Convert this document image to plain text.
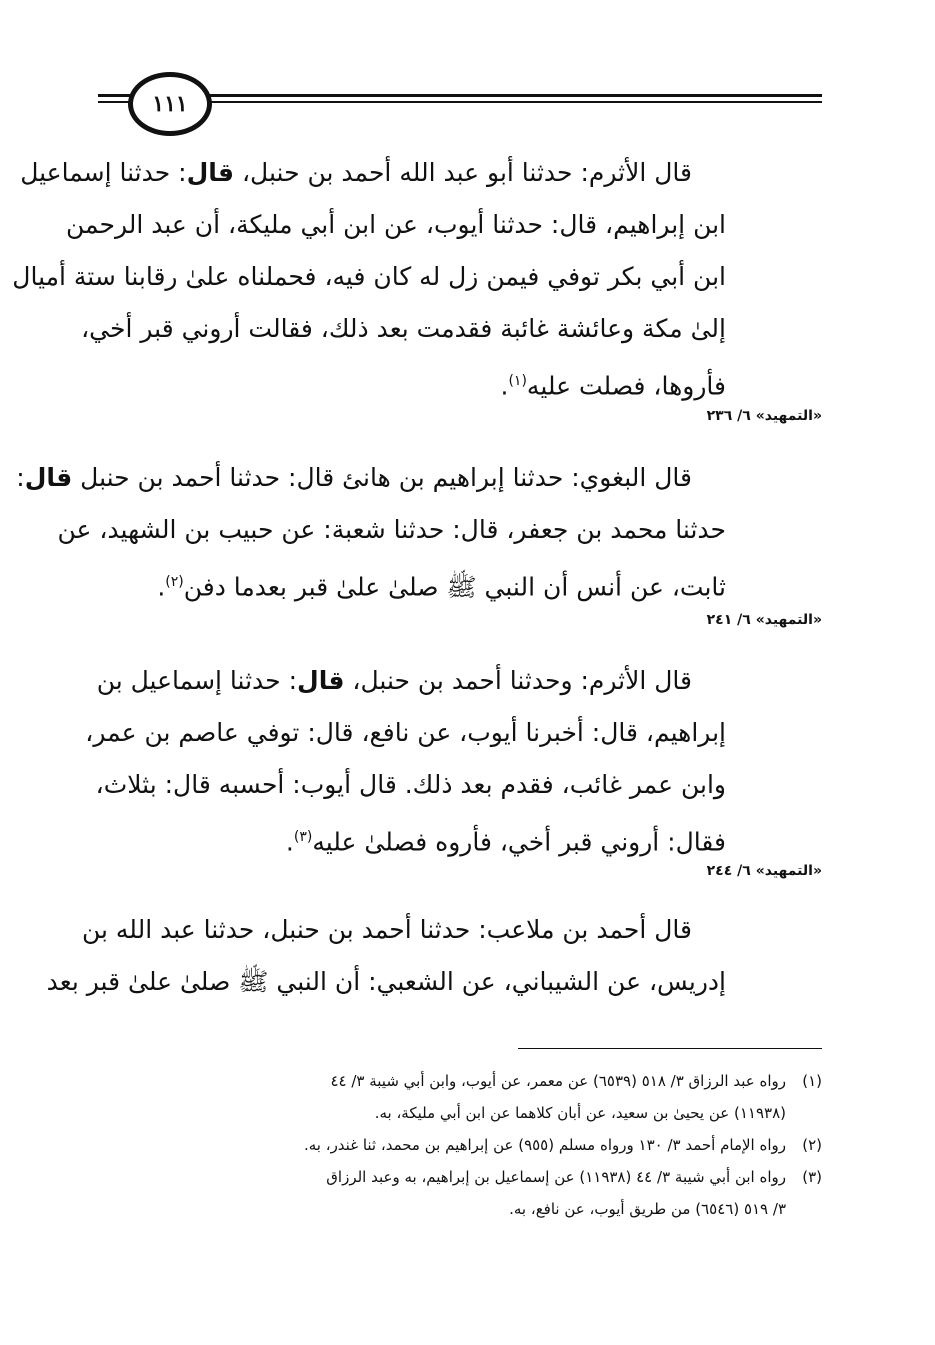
١١١

قال الأثرم: حدثنا أبو عبد الله أحمد بن حنبل، قال: حدثنا إسماعيل

ابن إبراهيم، قال: حدثنا أيوب، عن ابن أبي مليكة، أن عبد الرحمن

ابن أبي بكر توفي فيمن زل له كان فيه، فحملناه علىٰ رقابنا ستة أميال

إلىٰ مكة وعائشة غائبة فقدمت بعد ذلك، فقالت أروني قبر أخي،

فأروها، فصلت عليه$^{(١)}$.

«التمهيد» ٦/ ٢٣٦

قال البغوي: حدثنا إبراهيم بن هانئ قال: حدثنا أحمد بن حنبل قال:

حدثنا محمد بن جعفر، قال: حدثنا شعبة: عن حبيب بن الشهيد، عن

ثابت، عن أنس أن النبي ﷺ صلىٰ علىٰ قبر بعدما دفن$^{(٢)}$.

«التمهيد» ٦/ ٢٤١

قال الأثرم: وحدثنا أحمد بن حنبل، قال: حدثنا إسماعيل بن

إبراهيم، قال: أخبرنا أيوب، عن نافع، قال: توفي عاصم بن عمر،

وابن عمر غائب، فقدم بعد ذلك. قال أيوب: أحسبه قال: بثلاث،

فقال: أروني قبر أخي، فأروه فصلىٰ عليه$^{(٣)}$.

«التمهيد» ٦/ ٢٤٤

قال أحمد بن ملاعب: حدثنا أحمد بن حنبل، حدثنا عبد الله بن

إدريس، عن الشيباني، عن الشعبي: أن النبي ﷺ صلىٰ علىٰ قبر بعد

(١)
رواه عبد الرزاق ٣/ ٥١٨ (٦٥٣٩) عن معمر، عن أيوب، وابن أبي شيبة ٣/ ٤٤
(١١٩٣٨) عن يحيىٰ بن سعيد، عن أبان كلاهما عن ابن أبي مليكة، به.
(٢)
رواه الإمام أحمد ٣/ ١٣٠ ورواه مسلم (٩٥٥) عن إبراهيم بن محمد، ثنا غندر، به.
(٣)
رواه ابن أبي شيبة ٣/ ٤٤ (١١٩٣٨) عن إسماعيل بن إبراهيم، به وعبد الرزاق
٣/ ٥١٩ (٦٥٤٦) من طريق أيوب، عن نافع، به.
